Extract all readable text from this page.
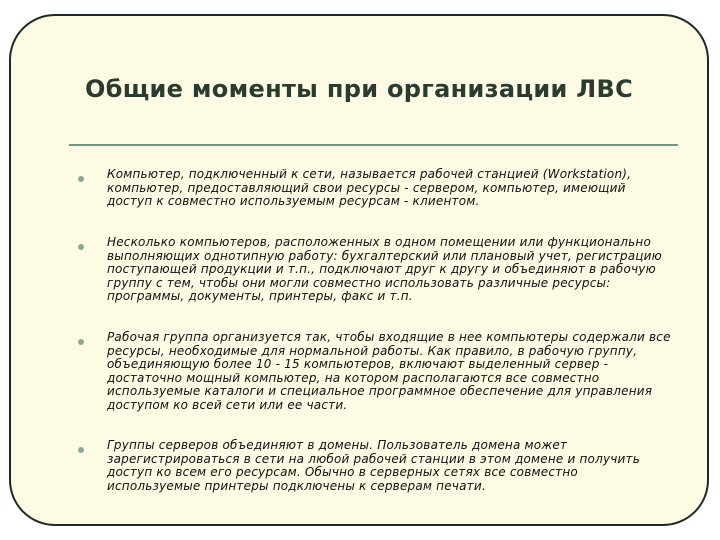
Общие моменты при организации ЛВС
Компьютер, подключенный к сети, называется рабочей станцией (Workstation), компьютер, предоставляющий свои ресурсы - сервером, компьютер, имеющий доступ к совместно используемым ресурсам - клиентом.
Несколько компьютеров, расположенных в одном помещении или функционально выполняющих однотипную работу: бухгалтерский или плановый учет, регистрацию поступающей продукции и т.п., подключают друг к другу и объединяют в рабочую группу с тем, чтобы они могли совместно использовать различные ресурсы: программы, документы, принтеры, факс и т.п.
Рабочая группа организуется так, чтобы входящие в нее компьютеры содержали все ресурсы, необходимые для нормальной работы. Как правило, в рабочую группу, объединяющую более 10 - 15 компьютеров, включают выделенный сервер - достаточно мощный компьютер, на котором располагаются все совместно используемые каталоги и специальное программное обеспечение для управления доступом ко всей сети или ее части.
Группы серверов объединяют в домены. Пользователь домена может зарегистрироваться в сети на любой рабочей станции в этом домене и получить доступ ко всем его ресурсам. Обычно в серверных сетях все совместно используемые принтеры подключены к серверам печати.
